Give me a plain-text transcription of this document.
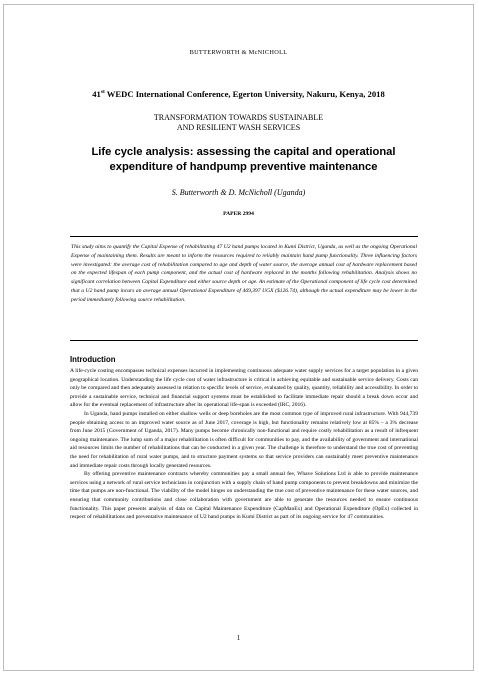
BUTTERWORTH & McNICHOLL
41st WEDC International Conference, Egerton University, Nakuru, Kenya, 2018
TRANSFORMATION TOWARDS SUSTAINABLE
AND RESILIENT WASH SERVICES
Life cycle analysis: assessing the capital and operational
expenditure of handpump preventive maintenance
S. Butterworth & D. McNicholl (Uganda)
PAPER 2994

This study aims to quantify the Capital Expense of rehabilitating 47 U2 hand pumps located in Kumi District, Uganda, as well as the ongoing Operational Expense of maintaining them. Results are meant to inform the resources required to reliably maintain hand pump functionality. Three influencing factors were investigated: the average cost of rehabilitation compared to age and depth of water source, the average annual cost of hardware replacement based on the expected lifespan of each pump component, and the actual cost of hardware replaced in the months following rehabilitation. Analysis shows no significant correlation between Capital Expenditure and either source depth or age. An estimate of the Operational component of life cycle cost determined that a U2 hand pump incurs an average annual Operational Expenditure of 469,397 UGX ($126.74), although the actual expenditure may be lower in the period immediately following source rehabilitation.

Introduction

A life-cycle costing encompasses technical expenses incurred in implementing continuous adequate water supply services for a target population in a given geographical location. Understanding the life cycle cost of water infrastructure is critical in achieving equitable and sustainable service delivery. Costs can only be compared and then adequately assessed in relation to specific levels of service, evaluated by quality, quantity, reliability and accessibility. In order to provide a sustainable service, technical and financial support systems must be established to facilitate immediate repair should a break down occur and allow for the eventual replacement of infrastructure after its operational life-span is exceeded (IRC, 2016).

In Uganda, hand pumps installed on either shallow wells or deep boreholes are the most common type of improved rural infrastructure. With 944,739 people obtaining access to an improved water source as of June 2017, coverage is high, but functionality remains relatively low at 85% – a 3% decrease from June 2015 (Government of Uganda, 2017). Many pumps become chronically non-functional and require costly rehabilitation as a result of infrequent ongoing maintenance. The lump sum of a major rehabilitation is often difficult for communities to pay, and the availability of government and international aid resources limits the number of rehabilitations that can be conducted in a given year. The challenge is therefore to understand the true cost of preventing the need for rehabilitation of rural water pumps, and to structure payment systems so that service providers can sustainably meet preventive maintenance and immediate repair costs through locally generated resources.

By offering preventive maintenance contracts whereby communities pay a small annual fee, Whave Solutions Ltd is able to provide maintenance services using a network of rural service technicians in conjunction with a supply chain of hand pump components to prevent breakdowns and minimize the time that pumps are non-functional. The viability of the model hinges on understanding the true cost of preventive maintenance for these water sources, and ensuring that community contributions and close collaboration with government are able to generate the resources needed to ensure continuous functionality. This paper presents analysis of data on Capital Maintenance Expenditure (CapManEx) and Operational Expenditure (OpEx) collected in respect of rehabilitations and preventative maintenance of U2 hand pumps in Kumi District as part of its ongoing service for 47 communities.

1
